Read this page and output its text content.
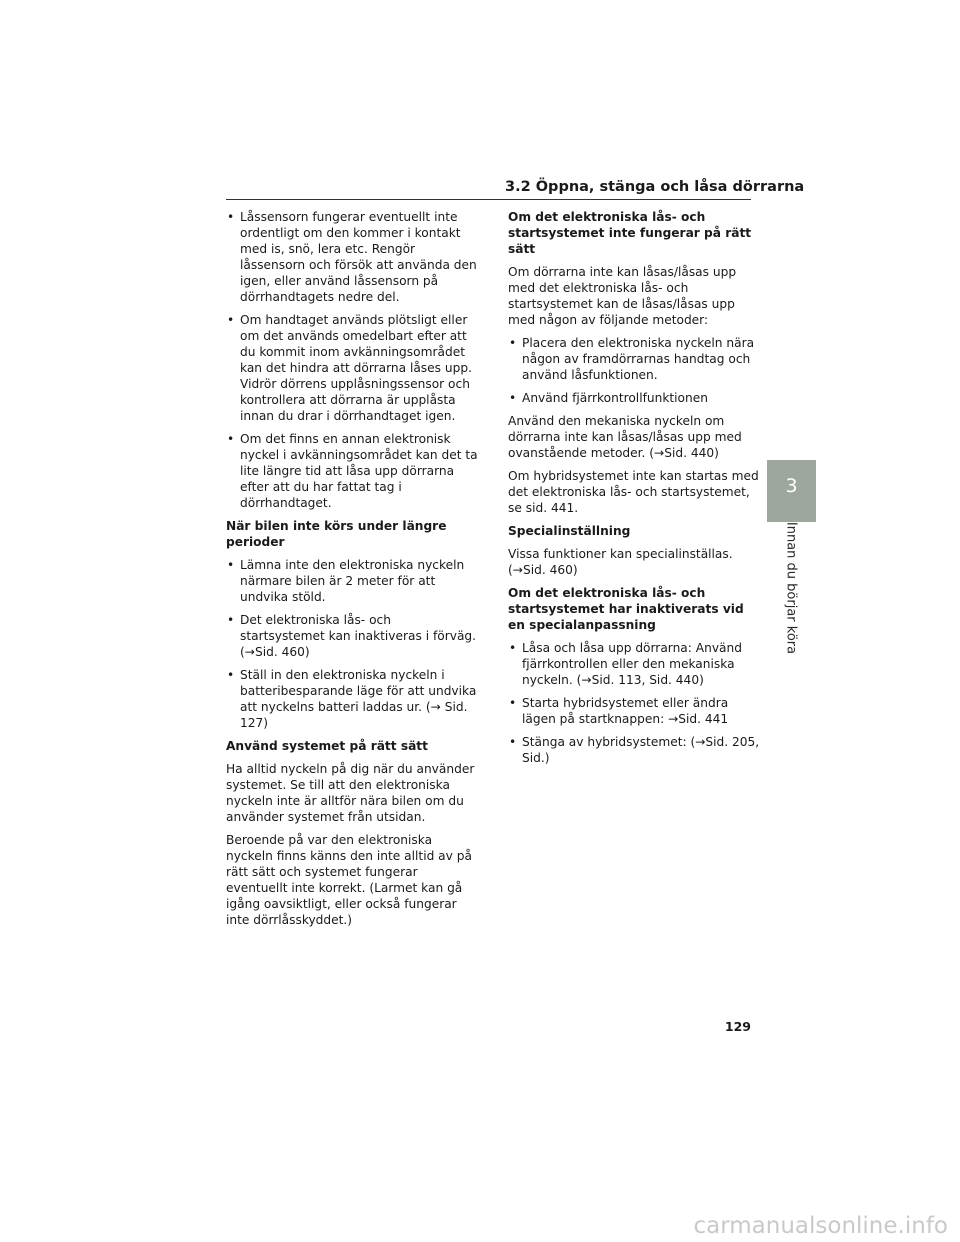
3.2 Öppna, stänga och låsa dörrarna

• Låssensorn fungerar eventuellt inte ordentligt om den kommer i kontakt med is, snö, lera etc. Rengör låssensorn och försök att använda den igen, eller använd låssensorn på dörrhandtagets nedre del.

• Om handtaget används plötsligt eller om det används omedelbart efter att du kommit inom avkänningsområdet kan det hindra att dörrarna låses upp. Vidrör dörrens upplåsningssensor och kontrollera att dörrarna är upplåsta innan du drar i dörrhandtaget igen.

• Om det finns en annan elektronisk nyckel i avkänningsområdet kan det ta lite längre tid att låsa upp dörrarna efter att du har fattat tag i dörrhandtaget.

När bilen inte körs under längre perioder

• Lämna inte den elektroniska nyckeln närmare bilen är 2 meter för att undvika stöld.

• Det elektroniska lås- och startsystemet kan inaktiveras i förväg. (→Sid. 460)

• Ställ in den elektroniska nyckeln i batteribesparande läge för att undvika att nyckelns batteri laddas ur. (→ Sid. 127)

Använd systemet på rätt sätt

Ha alltid nyckeln på dig när du använder systemet. Se till att den elektroniska nyckeln inte är alltför nära bilen om du använder systemet från utsidan.

Beroende på var den elektroniska nyckeln finns känns den inte alltid av på rätt sätt och systemet fungerar eventuellt inte korrekt. (Larmet kan gå igång oavsiktligt, eller också fungerar inte dörrlåsskyddet.)

Om det elektroniska lås- och startsystemet inte fungerar på rätt sätt

Om dörrarna inte kan låsas/låsas upp med det elektroniska lås- och startsystemet kan de låsas/låsas upp med någon av följande metoder:

• Placera den elektroniska nyckeln nära någon av framdörrarnas handtag och använd låsfunktionen.

• Använd fjärrkontrollfunktionen

Använd den mekaniska nyckeln om dörrarna inte kan låsas/låsas upp med ovanstående metoder. (→Sid. 440)

Om hybridsystemet inte kan startas med det elektroniska lås- och startsystemet, se sid. 441.

Specialinställning

Vissa funktioner kan specialinställas. (→Sid. 460)

Om det elektroniska lås- och startsystemet har inaktiverats vid en specialanpassning

• Låsa och låsa upp dörrarna: Använd fjärrkontrollen eller den mekaniska nyckeln. (→Sid. 113, Sid. 440)

• Starta hybridsystemet eller ändra lägen på startknappen: →Sid. 441

• Stänga av hybridsystemet: (→Sid. 205, Sid.)

3
Innan du börjar köra
129
carmanualsonline.info
